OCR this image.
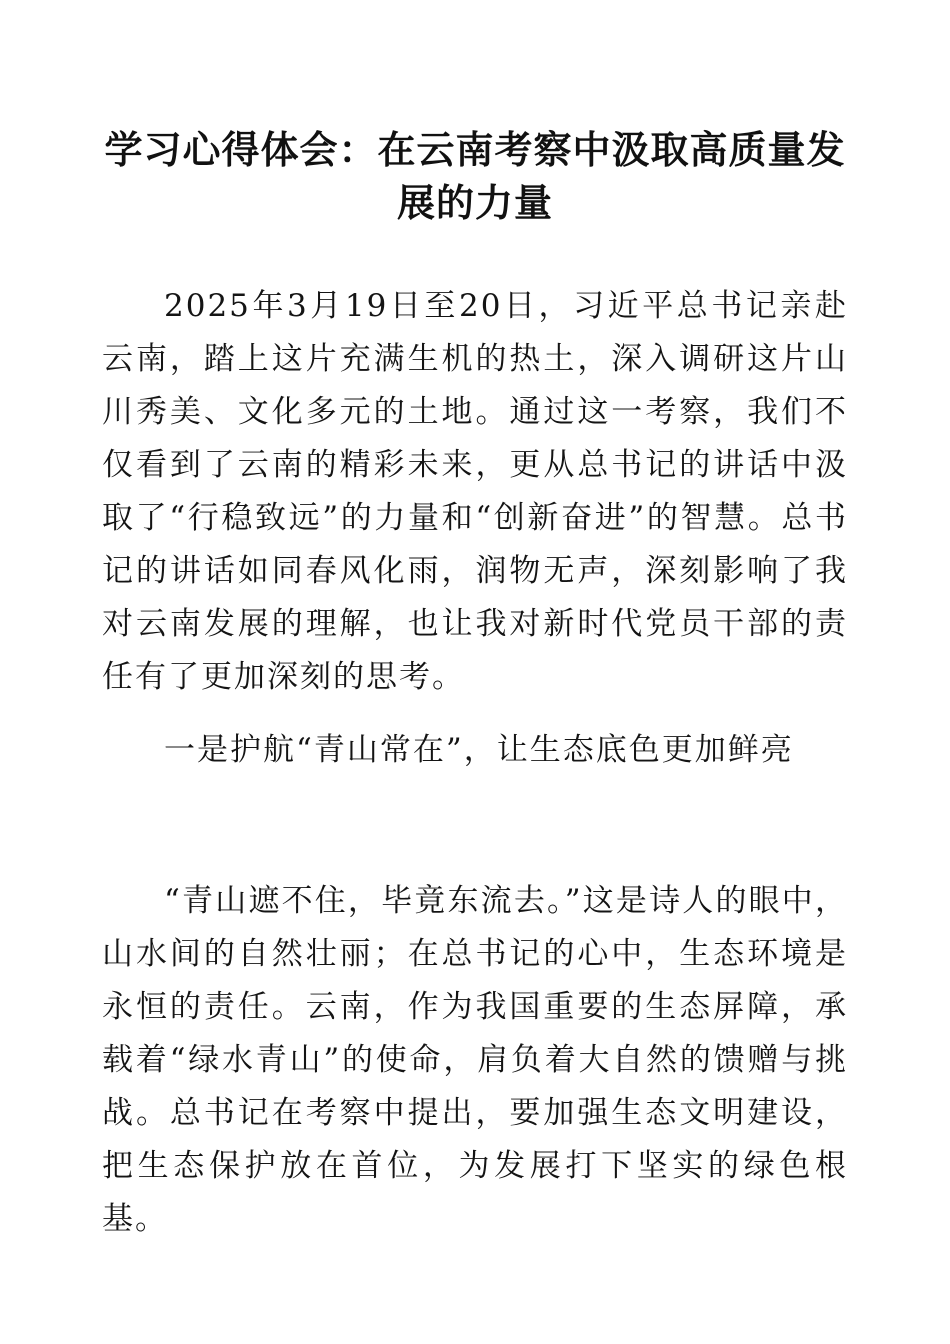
学习心得体会：在云南考察中汲取高质量发展的力量

2025年3月19日至20日，习近平总书记亲赴云南，踏上这片充满生机的热土，深入调研这片山川秀美、文化多元的土地。通过这一考察，我们不仅看到了云南的精彩未来，更从总书记的讲话中汲取了“行稳致远”的力量和“创新奋进”的智慧。总书记的讲话如同春风化雨，润物无声，深刻影响了我对云南发展的理解，也让我对新时代党员干部的责任有了更加深刻的思考。

一是护航“青山常在”，让生态底色更加鲜亮

“青山遮不住，毕竟东流去。”这是诗人的眼中，山水间的自然壮丽；在总书记的心中，生态环境是永恒的责任。云南，作为我国重要的生态屏障，承载着“绿水青山”的使命，肩负着大自然的馈赠与挑战。总书记在考察中提出，要加强生态文明建设，把生态保护放在首位，为发展打下坚实的绿色根基。
